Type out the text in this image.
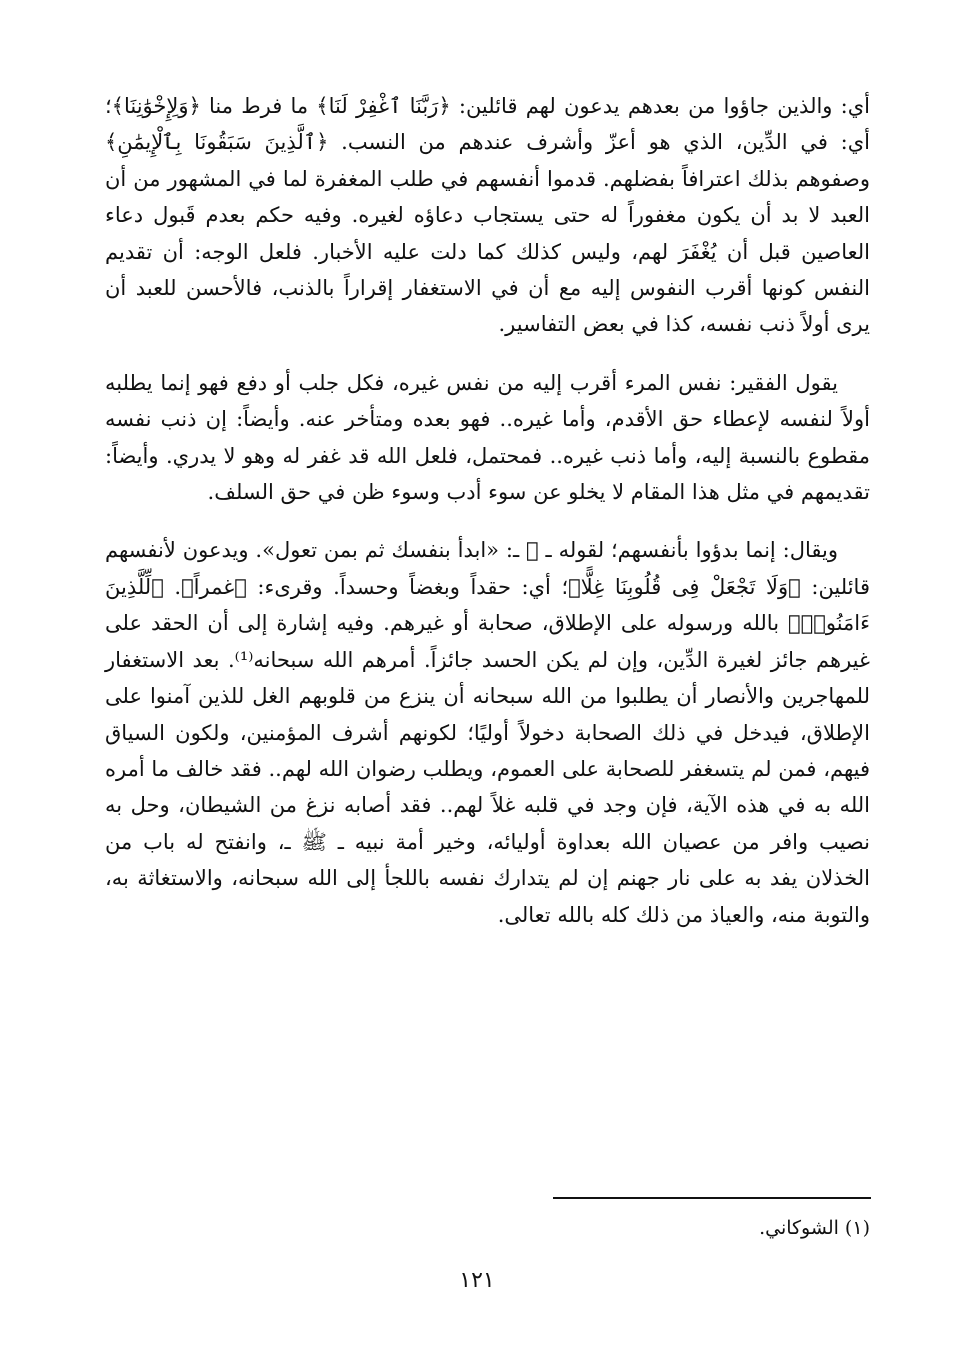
أي: والذين جاؤوا من بعدهم يدعون لهم قائلين: ﴿رَبَّنَا ٱغْفِرْ لَنَا﴾ ما فرط منا ﴿وَلِإِخْوَٰنِنَا﴾؛ أي: في الدِّين، الذي هو أعزّ وأشرف عندهم من النسب. ﴿ٱلَّذِينَ سَبَقُونَا بِٱلْإِيمَٰنِ﴾ وصفوهم بذلك اعترافاً بفضلهم. قدموا أنفسهم في طلب المغفرة لما في المشهور من أن العبد لا بد أن يكون مغفوراً له حتى يستجاب دعاؤه لغيره. وفيه حكم بعدم قَبول دعاء العاصين قبل أن يُغْفَرَ لهم، وليس كذلك كما دلت عليه الأخبار. فلعل الوجه: أن تقديم النفس كونها أقرب النفوس إليه مع أن في الاستغفار إقراراً بالذنب، فالأحسن للعبد أن يرى أولاً ذنب نفسه، كذا في بعض التفاسير.

يقول الفقير: نفس المرء أقرب إليه من نفس غيره، فكل جلب أو دفع فهو إنما يطلبه أولاً لنفسه لإعطاء حق الأقدم، وأما غيره.. فهو بعده ومتأخر عنه. وأيضاً: إن ذنب نفسه مقطوع بالنسبة إليه، وأما ذنب غيره.. فمحتمل، فلعل الله قد غفر له وهو لا يدري. وأيضاً: تقديمهم في مثل هذا المقام لا يخلو عن سوء أدب وسوء ظن في حق السلف.

ويقال: إنما بدؤوا بأنفسهم؛ لقوله ـ ﷺ ـ: «ابدأ بنفسك ثم بمن تعول». ويدعون لأنفسهم قائلين: ﴿وَلَا تَجْعَلْ فِى قُلُوبِنَا غِلًّا﴾؛ أي: حقداً وبغضاً وحسداً. وقرىء: ﴿غمراً﴾. ﴿لِّلَّذِينَ ءَامَنُوا۟﴾ بالله ورسوله على الإطلاق، صحابة أو غيرهم. وفيه إشارة إلى أن الحقد على غيرهم جائز لغيرة الدِّين، وإن لم يكن الحسد جائزاً. أمرهم الله سبحانه⁽¹⁾. بعد الاستغفار للمهاجرين والأنصار أن يطلبوا من الله سبحانه أن ينزع من قلوبهم الغل للذين آمنوا على الإطلاق، فيدخل في ذلك الصحابة دخولاً أوليًا؛ لكونهم أشرف المؤمنين، ولكون السياق فيهم، فمن لم يتسغفر للصحابة على العموم، ويطلب رضوان الله لهم.. فقد خالف ما أمره الله به في هذه الآية، فإن وجد في قلبه غلاً لهم.. فقد أصابه نزغ من الشيطان، وحل به نصيب وافر من عصيان الله بعداوة أوليائه، وخير أمة نبيه ـ ﷺ ـ، وانفتح له باب من الخذلان يفد به على نار جهنم إن لم يتدارك نفسه باللجأ إلى الله سبحانه، والاستغاثة به، والتوبة منه، والعياذ من ذلك كله بالله تعالى.

(١) الشوكاني.

١٢١
